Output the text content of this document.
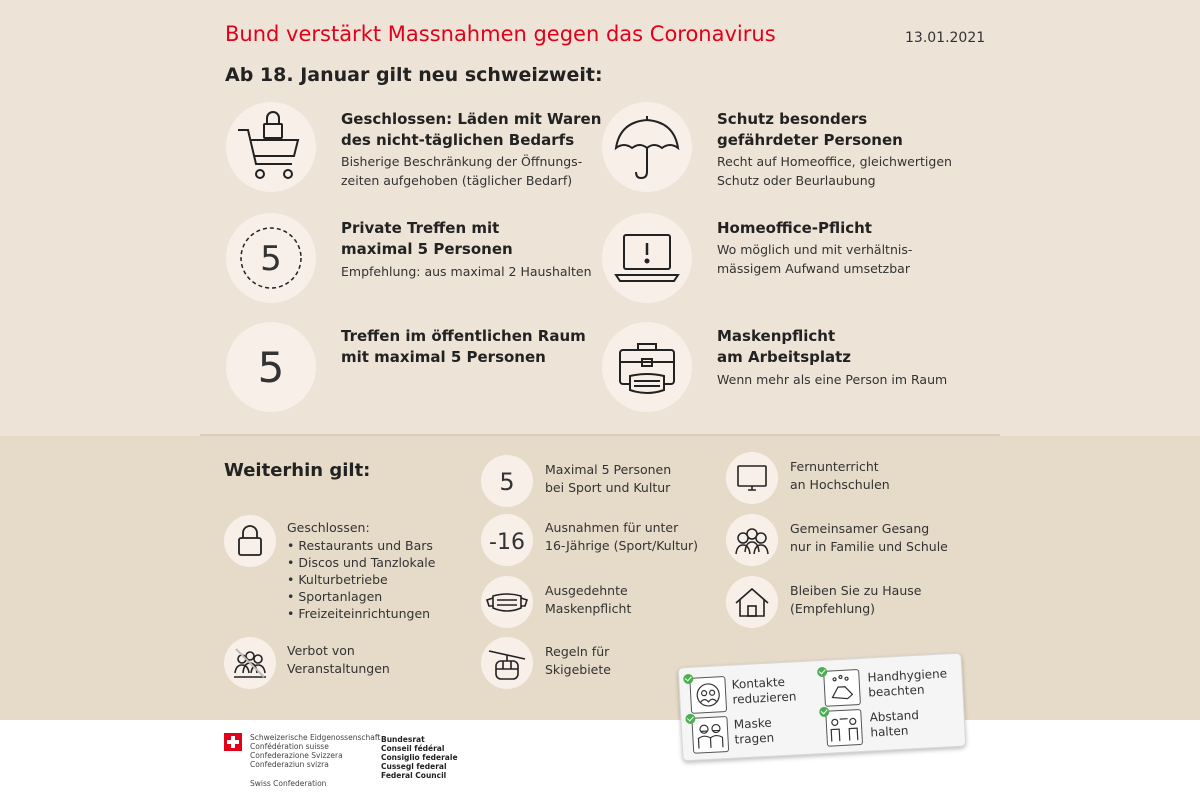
Bund verstärkt Massnahmen gegen das Coronavirus	13.01.2021
Ab 18. Januar gilt neu schweizweit:
Geschlossen: Läden mit Waren
des nicht-täglichen Bedarfs
Bisherige Beschränkung der Öffnungs-
zeiten aufgehoben (täglicher Bedarf)
Schutz besonders
gefährdeter Personen
Recht auf Homeoffice, gleichwertigen
Schutz oder Beurlaubung
5
Private Treffen mit
maximal 5 Personen
Empfehlung: aus maximal 2 Haushalten
Homeoffice-Pflicht
Wo möglich und mit verhältnis-
mässigem Aufwand umsetzbar
5
Treffen im öffentlichen Raum
mit maximal 5 Personen
Maskenpflicht
am Arbeitsplatz
Wenn mehr als eine Person im Raum
Weiterhin gilt:
Geschlossen:
• Restaurants und Bars
• Discos und Tanzlokale
• Kulturbetriebe
• Sportanlagen
• Freizeiteinrichtungen
Verbot von
Veranstaltungen
5 Maximal 5 Personen
bei Sport und Kultur
-16
Ausnahmen für unter
16-Jährige (Sport/Kultur)
Ausgedehnte
Maskenpflicht
Regeln für
Skigebiete
Fernunterricht
an Hochschulen
Gemeinsamer Gesang
nur in Familie und Schule
Bleiben Sie zu Hause
(Empfehlung)
Kontakte
reduzieren
Handhygiene
beachten
Maske
tragen
Abstand
halten
Schweizerische Eidgenossenschaft
Confédération suisse
Confederazione Svizzera
Confederaziun svizra
Swiss Confederation
Bundesrat
Conseil fédéral
Consiglio federale
Cussegl federal
Federal Council
